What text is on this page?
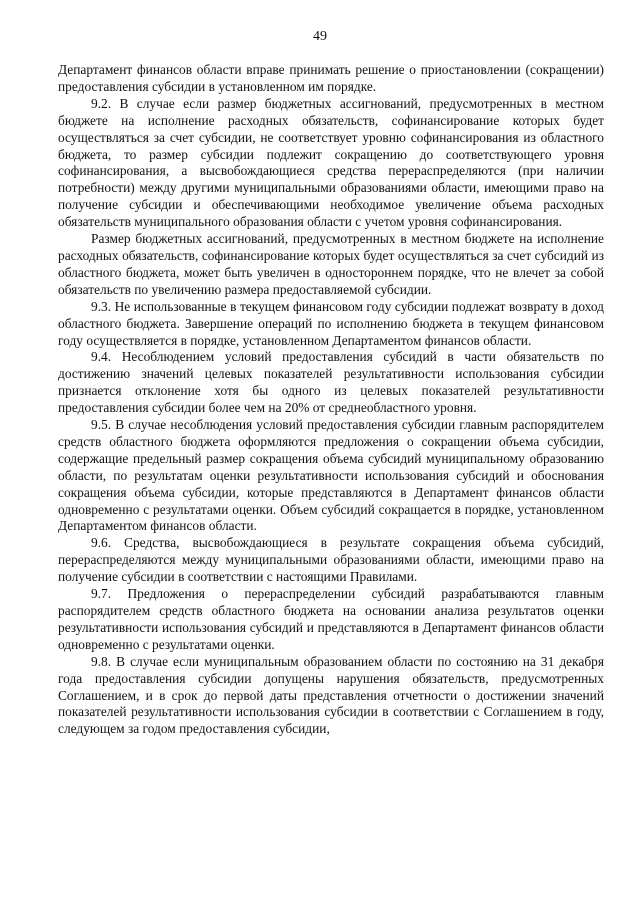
49

Департамент финансов области вправе принимать решение о приостановлении (сокращении) предоставления субсидии в установленном им порядке.

9.2. В случае если размер бюджетных ассигнований, предусмотренных в местном бюджете на исполнение расходных обязательств, софинансирование которых будет осуществляться за счет субсидии, не соответствует уровню софинансирования из областного бюджета, то размер субсидии подлежит сокращению до соответствующего уровня софинансирования, а высвобождающиеся средства перераспределяются (при наличии потребности) между другими муниципальными образованиями области, имеющими право на получение субсидии и обеспечивающими необходимое увеличение объема расходных обязательств муниципального образования области с учетом уровня софинансирования.

Размер бюджетных ассигнований, предусмотренных в местном бюджете на исполнение расходных обязательств, софинансирование которых будет осуществляться за счет субсидий из областного бюджета, может быть увеличен в одностороннем порядке, что не влечет за собой обязательств по увеличению размера предоставляемой субсидии.

9.3. Не использованные в текущем финансовом году субсидии подлежат возврату в доход областного бюджета. Завершение операций по исполнению бюджета в текущем финансовом году осуществляется в порядке, установленном Департаментом финансов области.

9.4. Несоблюдением условий предоставления субсидий в части обязательств по достижению значений целевых показателей результативности использования субсидии признается отклонение хотя бы одного из целевых показателей результативности предоставления субсидии более чем на 20% от среднеобластного уровня.

9.5. В случае несоблюдения условий предоставления субсидии главным распорядителем средств областного бюджета оформляются предложения о сокращении объема субсидии, содержащие предельный размер сокращения объема субсидий муниципальному образованию области, по результатам оценки результативности использования субсидий и обоснования сокращения объема субсидии, которые представляются в Департамент финансов области одновременно с результатами оценки. Объем субсидий сокращается в порядке, установленном Департаментом финансов области.

9.6. Средства, высвобождающиеся в результате сокращения объема субсидий, перераспределяются между муниципальными образованиями области, имеющими право на получение субсидии в соответствии с настоящими Правилами.

9.7. Предложения о перераспределении субсидий разрабатываются главным распорядителем средств областного бюджета на основании анализа результатов оценки результативности использования субсидий и представляются в Департамент финансов области одновременно с результатами оценки.

9.8. В случае если муниципальным образованием области по состоянию на 31 декабря года предоставления субсидии допущены нарушения обязательств, предусмотренных Соглашением, и в срок до первой даты представления отчетности о достижении значений показателей результативности использования субсидии в соответствии с Соглашением в году, следующем за годом предоставления субсидии,
